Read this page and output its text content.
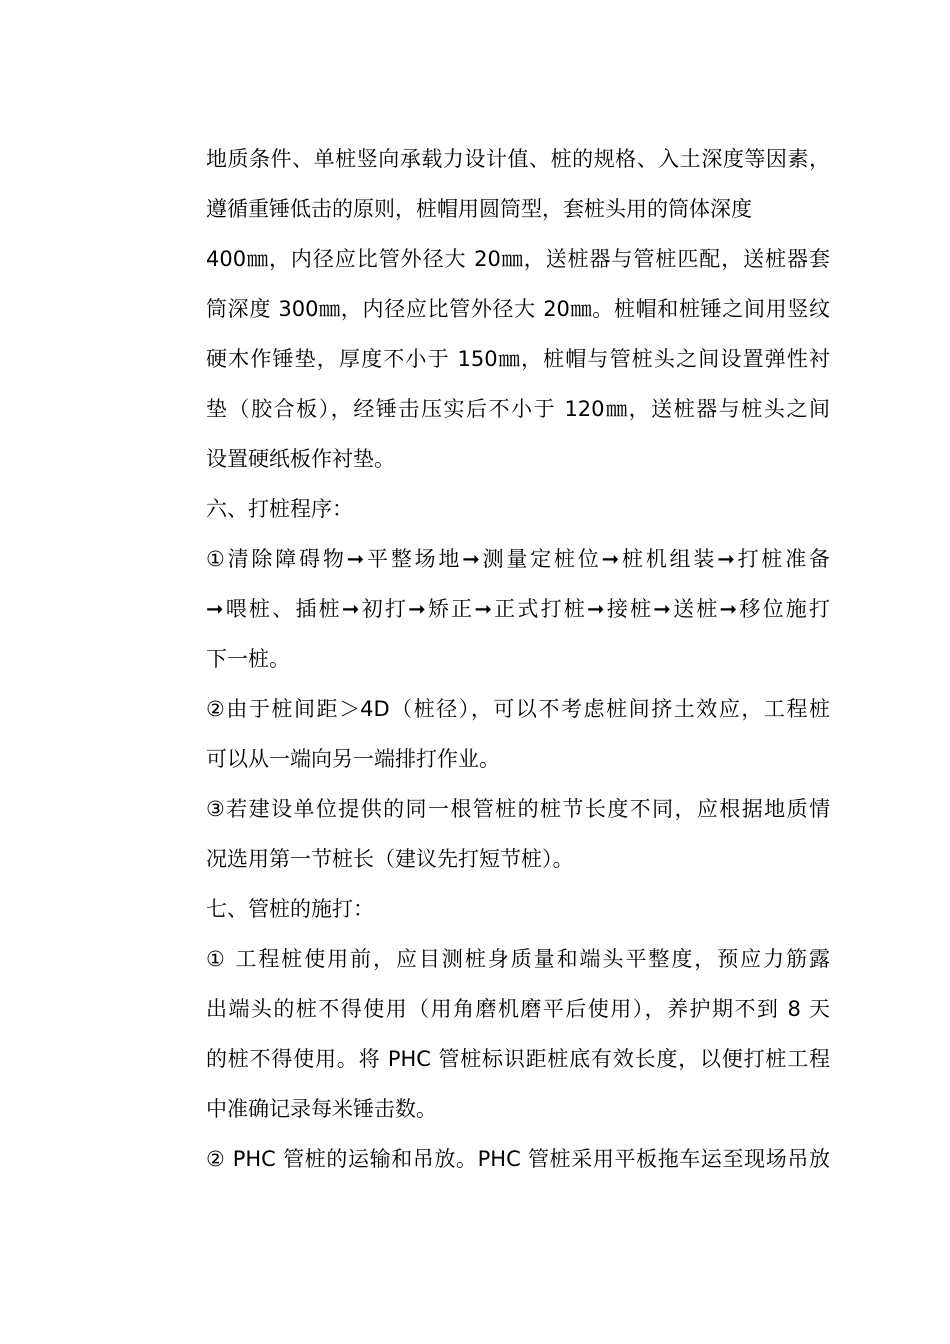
地质条件、单桩竖向承载力设计值、桩的规格、入土深度等因素，
遵循重锤低击的原则，桩帽用圆筒型，套桩头用的筒体深度
400㎜，内径应比管外径大 20㎜，送桩器与管桩匹配，送桩器套
筒深度 300㎜，内径应比管外径大 20㎜。桩帽和桩锤之间用竖纹
硬木作锤垫，厚度不小于 150㎜，桩帽与管桩头之间设置弹性衬
垫（胶合板），经锤击压实后不小于 120㎜，送桩器与桩头之间
设置硬纸板作衬垫。
六、打桩程序：
①清除障碍物➞平整场地➞测量定桩位➞桩机组装➞打桩准备
➞喂桩、插桩➞初打➞矫正➞正式打桩➞接桩➞送桩➞移位施打
下一桩。
②由于桩间距＞4D（桩径），可以不考虑桩间挤土效应，工程桩
可以从一端向另一端排打作业。
③若建设单位提供的同一根管桩的桩节长度不同，应根据地质情
况选用第一节桩长（建议先打短节桩）。
七、管桩的施打：
① 工程桩使用前，应目测桩身质量和端头平整度，预应力筋露
出端头的桩不得使用（用角磨机磨平后使用），养护期不到 8 天
的桩不得使用。将 PHC 管桩标识距桩底有效长度，以便打桩工程
中准确记录每米锤击数。
② PHC 管桩的运输和吊放。PHC 管桩采用平板拖车运至现场吊放
